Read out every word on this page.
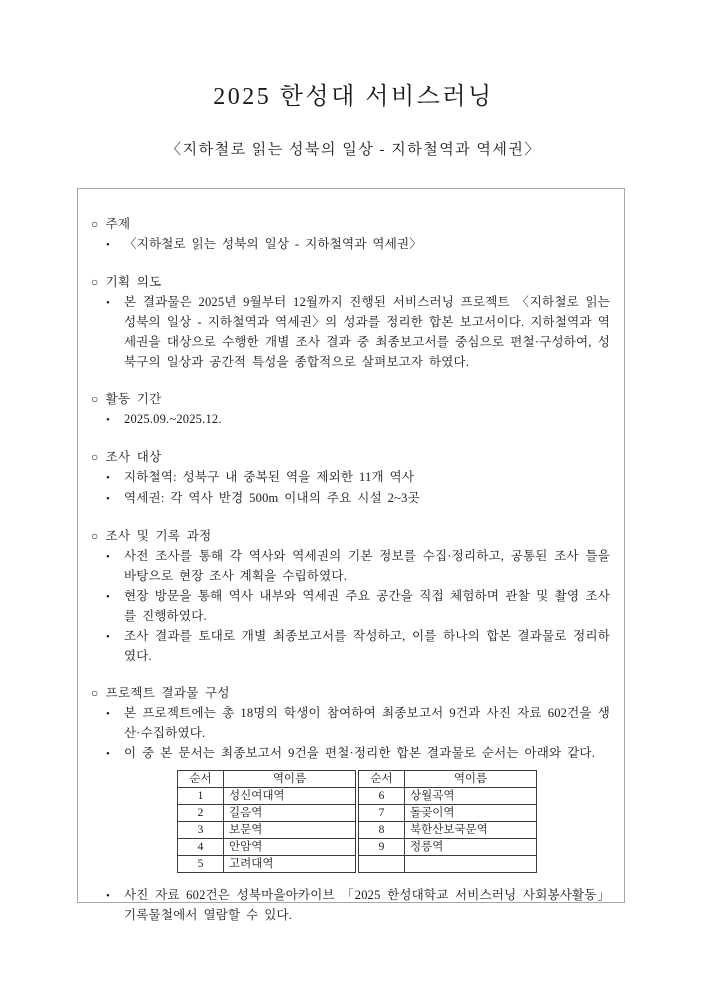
2025 한성대 서비스러닝
〈지하철로 읽는 성북의 일상 - 지하철역과 역세권〉
○ 주제
•	〈지하철로 읽는 성북의 일상 - 지하철역과 역세권〉
○ 기획 의도
•	본 결과물은 2025년 9월부터 12월까지 진행된 서비스러닝 프로젝트 〈지하철로 읽는 성북의 일상 - 지하철역과 역세권〉의 성과를 정리한 합본 보고서이다. 지하철역과 역세권을 대상으로 수행한 개별 조사 결과 중 최종보고서를 중심으로 편철·구성하여, 성북구의 일상과 공간적 특성을 종합적으로 살펴보고자 하였다.
○ 활동 기간
•	2025.09.~2025.12.
○ 조사 대상
•	지하철역: 성북구 내 중복된 역을 제외한 11개 역사
•	역세권: 각 역사 반경 500m 이내의 주요 시설 2~3곳
○ 조사 및 기록 과정
•	사전 조사를 통해 각 역사와 역세권의 기본 정보를 수집·정리하고, 공통된 조사 틀을 바탕으로 현장 조사 계획을 수립하였다.
•	현장 방문을 통해 역사 내부와 역세권 주요 공간을 직접 체험하며 관찰 및 촬영 조사를 진행하였다.
•	조사 결과를 토대로 개별 최종보고서를 작성하고, 이를 하나의 합본 결과물로 정리하였다.
○ 프로젝트 결과물 구성
•	본 프로젝트에는 총 18명의 학생이 참여하여 최종보고서 9건과 사진 자료 602건을 생산·수집하였다.
•	이 중 본 문서는 최종보고서 9건을 편철·정리한 합본 결과물로 순서는 아래와 같다.
순서	역이름
1	성신여대역
2	길음역
3	보문역
4	안암역
5	고려대역
순서	역이름
6	상월곡역
7	돌곶이역
8	북한산보국문역
9	정릉역

•	사진 자료 602건은 성북마을아카이브 「2025 한성대학교 서비스러닝 사회봉사활동」 기록물철에서 열람할 수 있다.
